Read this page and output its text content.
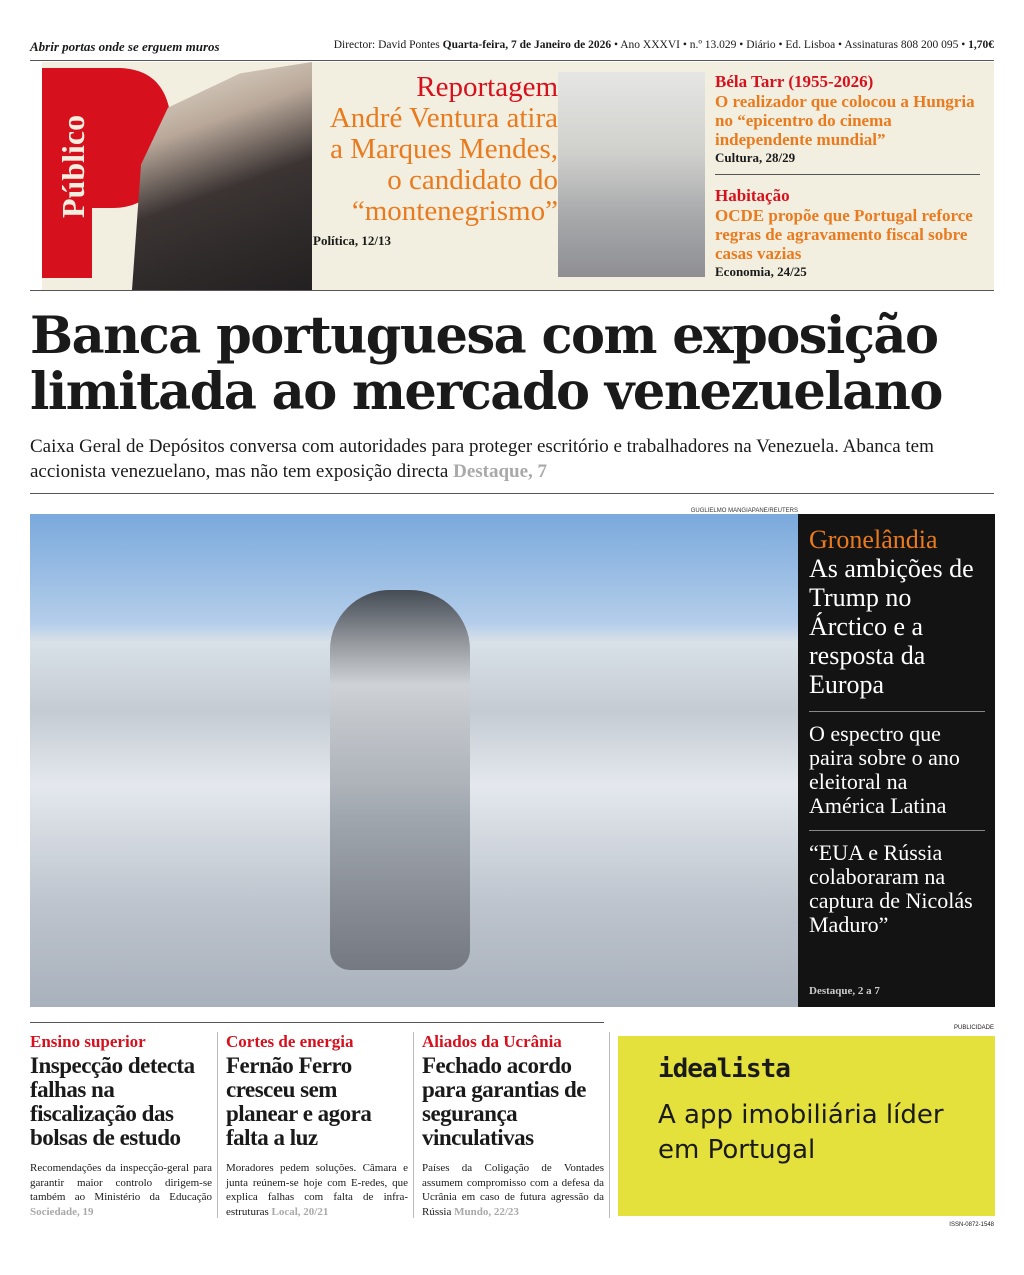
Abrir portas onde se erguem muros	Director: David Pontes Quarta-feira, 7 de Janeiro de 2026 • Ano XXXVI • n.º 13.029 • Diário • Ed. Lisboa • Assinaturas 808 200 095 • 1,70€
Público
Reportagem
André Ventura atira a Marques Mendes, o candidato do “montenegrismo”
Política, 12/13
Béla Tarr (1955-2026)
O realizador que colocou a Hungria no “epicentro do cinema independente mundial”
Cultura, 28/29
Habitação
OCDE propõe que Portugal reforce regras de agravamento fiscal sobre casas vazias
Economia, 24/25
Banca portuguesa com exposição limitada ao mercado venezuelano
Caixa Geral de Depósitos conversa com autoridades para proteger escritório e trabalhadores na Venezuela. Abanca tem accionista venezuelano, mas não tem exposição directa Destaque, 7
GUGLIELMO MANGIAPANE/REUTERS
Gronelândia
As ambições de Trump no Árctico e a resposta da Europa
O espectro que paira sobre o ano eleitoral na América Latina
“EUA e Rússia colaboraram na captura de Nicolás Maduro”
Destaque, 2 a 7
Ensino superior
Inspecção detecta falhas na fiscalização das bolsas de estudo
Recomendações da inspecção-geral para garantir maior controlo dirigem-se também ao Ministério da Educação Sociedade, 19
Cortes de energia
Fernão Ferro cresceu sem planear e agora falta a luz
Moradores pedem soluções. Câmara e junta reúnem-se hoje com E-redes, que explica falhas com falta de infra-estruturas Local, 20/21
Aliados da Ucrânia
Fechado acordo para garantias de segurança vinculativas
Países da Coligação de Vontades assumem compromisso com a defesa da Ucrânia em caso de futura agressão da Rússia Mundo, 22/23
PUBLICIDADE
idealista
A app imobiliária líder em Portugal
ISSN-0872-1548
